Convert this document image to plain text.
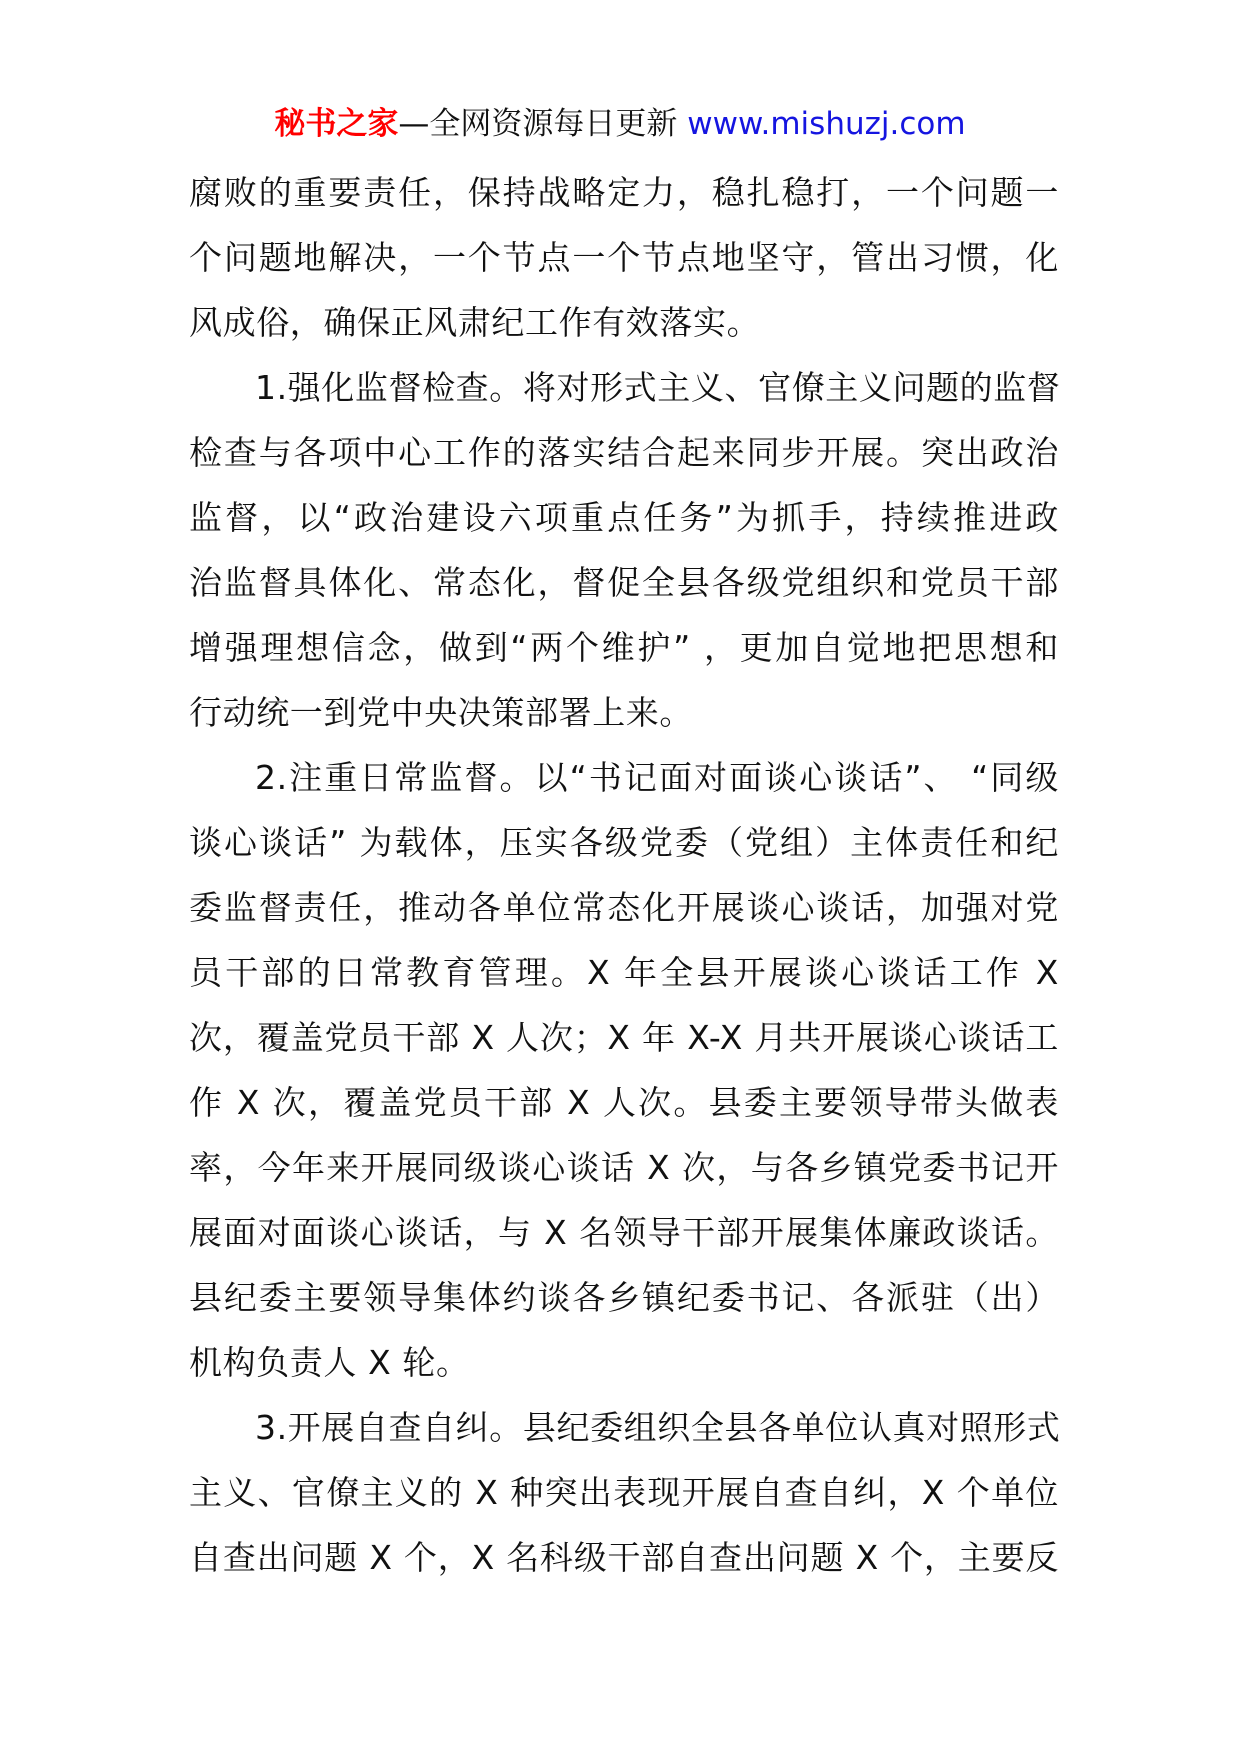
秘书之家—全网资源每日更新 www.mishuzj.com
腐败的重要责任，保持战略定力，稳扎稳打，一个问题一
个问题地解决，一个节点一个节点地坚守，管出习惯，化
风成俗，确保正风肃纪工作有效落实。
1.强化监督检查。将对形式主义、官僚主义问题的监督
检查与各项中心工作的落实结合起来同步开展。突出政治
监督，以“政治建设六项重点任务”为抓手，持续推进政
治监督具体化、常态化，督促全县各级党组织和党员干部
增强理想信念，做到“两个维护” ，更加自觉地把思想和
行动统一到党中央决策部署上来。
2.注重日常监督。以“书记面对面谈心谈话”、 “同级
谈心谈话” 为载体，压实各级党委（党组）主体责任和纪
委监督责任，推动各单位常态化开展谈心谈话，加强对党
员干部的日常教育管理。X 年全县开展谈心谈话工作 X
次，覆盖党员干部 X 人次；X 年 X-X 月共开展谈心谈话工
作 X 次，覆盖党员干部 X 人次。县委主要领导带头做表
率，今年来开展同级谈心谈话 X 次，与各乡镇党委书记开
展面对面谈心谈话，与 X 名领导干部开展集体廉政谈话。
县纪委主要领导集体约谈各乡镇纪委书记、各派驻（出）
机构负责人 X 轮。
3.开展自查自纠。县纪委组织全县各单位认真对照形式
主义、官僚主义的 X 种突出表现开展自查自纠，X 个单位
自查出问题 X 个，X 名科级干部自查出问题 X 个，主要反
